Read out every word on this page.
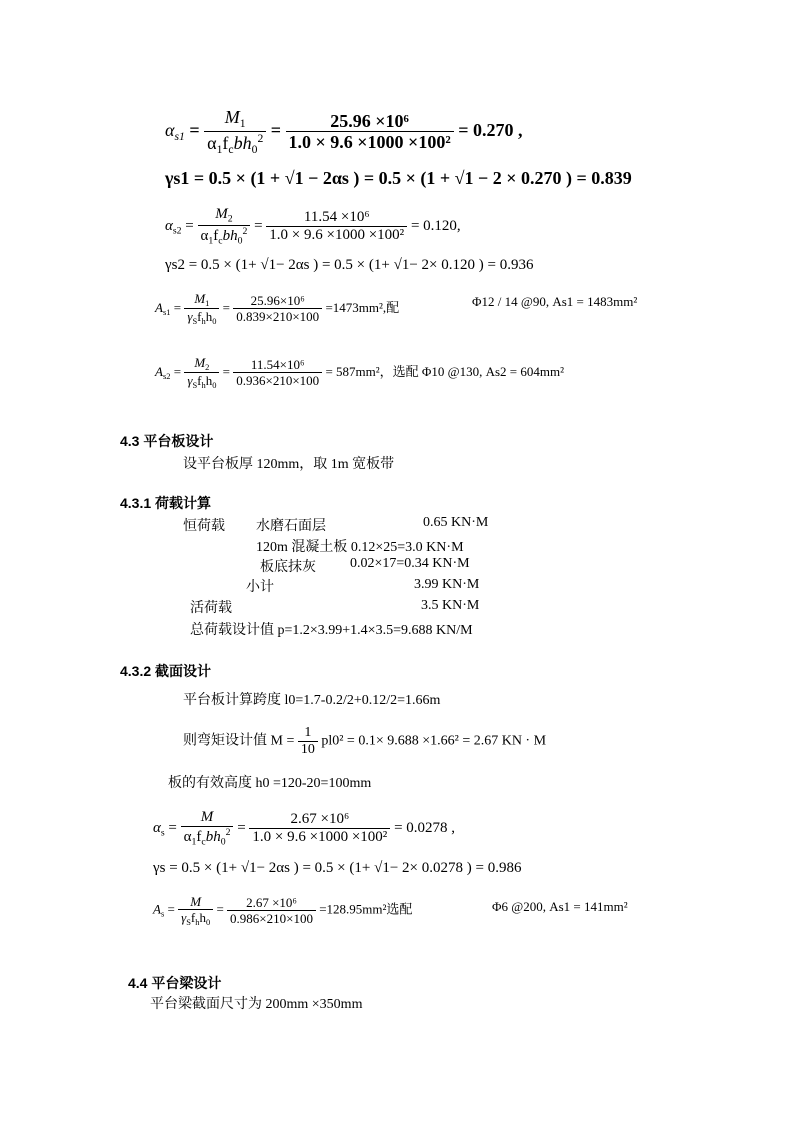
$\alpha_{s1} = \frac{M_1}{\alpha_1f_cbh_0^2} = \frac{\text{25.96 ×10⁶}}{\text{1.0 × 9.6 ×1000 ×100²}} = 0.270$ ,
γs1 = 0.5 × (1 + √1 − 2αs ) = 0.5 × (1 + √1 − 2 × 0.270 ) = 0.839
$\alpha_{s2} = \frac{M_2}{\alpha_1f_cbh_0^2} = \frac{\text{11.54 ×10⁶}}{\text{1.0 × 9.6 ×1000 ×100²}} = 0.120$,
γs2 = 0.5 × (1+ √1− 2αs ) = 0.5 × (1+ √1− 2× 0.120 ) = 0.936
$A_{s1} = \frac{M_1}{\gamma_Sf_hh_0} = \frac{\text{25.96×10⁶}}{0.839\times 210\times 100} =1473mm^2$,配	Φ12 / 14 @90, As1 = 1483mm²
$A_{s2} = \frac{M_2}{\gamma_Sf_hh_0} = \frac{\text{11.54×10⁶}}{0.936\times 210\times 100} = 587mm^2$，选配 Φ10 @130, As2 = 604mm²
4.3 平台板设计
设平台板厚 120mm，取 1m 宽板带
4.3.1 荷载计算
恒荷载 水磨石面层	0.65 KN·M
120m 混凝土板 0.12×25=3.0 KN·M
板底抹灰 0.02×17=0.34 KN·M
小计	3.99 KN·M
活荷载	3.5 KN·M
总荷载设计值 p=1.2×3.99+1.4×3.5=9.688 KN/M
4.3.2 截面设计
平台板计算跨度 l0=1.7-0.2/2+0.12/2=1.66m
则弯矩设计值 $M = \frac{1}{10} pl0^2 = 0.1\times 9.688 \times 1.66^2 = 2.67$ KN · M
板的有效高度 h0 =120-20=100mm
$\alpha_s = \frac{M}{\alpha_1f_cbh_0^2} = \frac{\text{2.67 ×10⁶}}{\text{1.0 × 9.6 ×1000 ×100²}} = 0.0278$ ,
γs = 0.5 × (1+ √1− 2αs ) = 0.5 × (1+ √1− 2× 0.0278 ) = 0.986
$A_s = \frac{M}{\gamma_Sf_hh_0} = \frac{\text{2.67 ×10⁶}}{0.986\times 210\times 100} =128.95mm^2$选配	Φ6 @200, As1 = 141mm²
4.4 平台梁设计
平台梁截面尺寸为 200mm ×350mm
